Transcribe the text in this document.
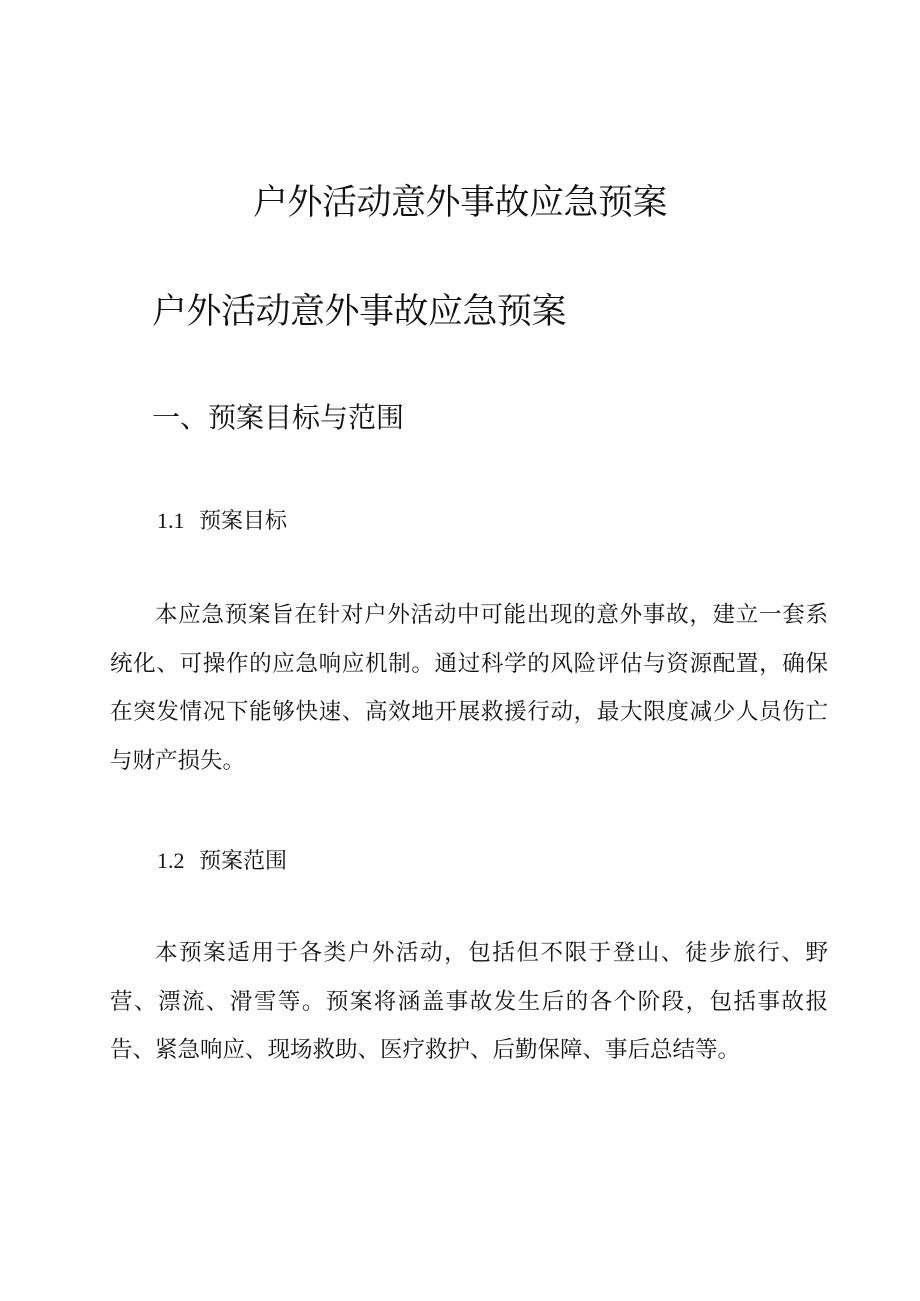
户外活动意外事故应急预案
户外活动意外事故应急预案
一、预案目标与范围
1.1 预案目标

本应急预案旨在针对户外活动中可能出现的意外事故，建立一套系统化、可操作的应急响应机制。通过科学的风险评估与资源配置，确保在突发情况下能够快速、高效地开展救援行动，最大限度减少人员伤亡与财产损失。

1.2 预案范围

本预案适用于各类户外活动，包括但不限于登山、徒步旅行、野营、漂流、滑雪等。预案将涵盖事故发生后的各个阶段，包括事故报告、紧急响应、现场救助、医疗救护、后勤保障、事后总结等。
